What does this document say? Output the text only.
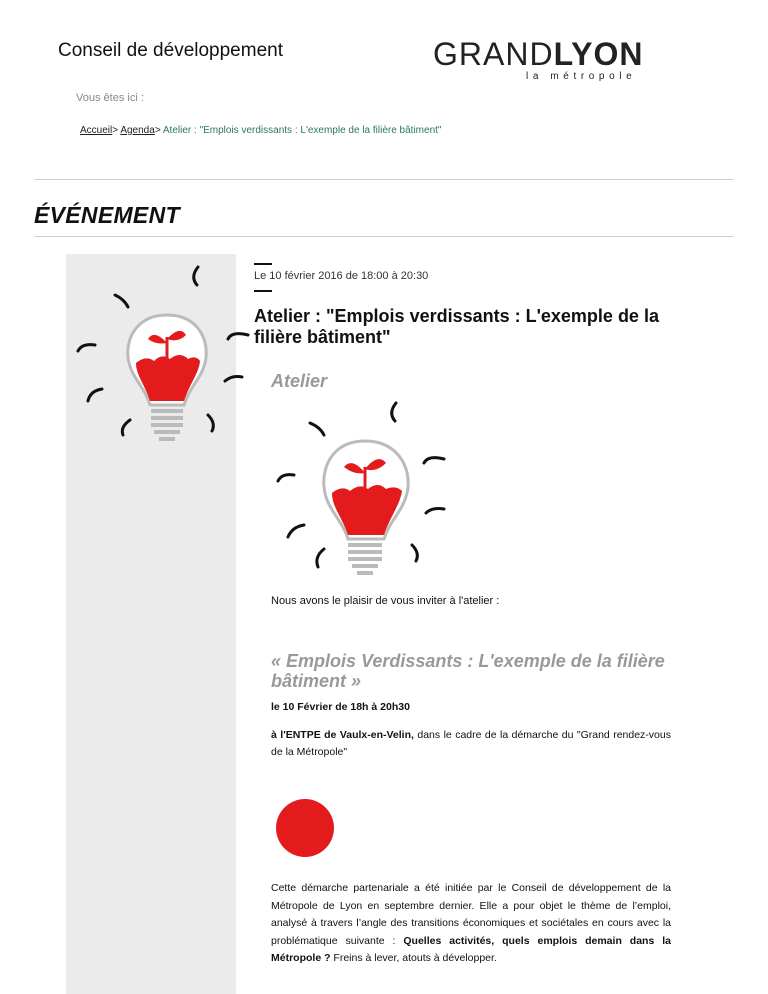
Conseil de développement	GRANDLYON
la métropole
Vous êtes ici :
Accueil> Agenda> Atelier : "Emplois verdissants : L'exemple de la filière bâtiment"
ÉVÉNEMENT
Le 10 février 2016 de 18:00 à 20:30
Atelier : "Emplois verdissants : L'exemple de la filière bâtiment"
Atelier
Nous avons le plaisir de vous inviter à l'atelier :
« Emplois Verdissants : L'exemple de la filière bâtiment »
le 10 Février de 18h à 20h30
à l'ENTPE de Vaulx-en-Velin, dans le cadre de la démarche du "Grand rendez-vous de la Métropole"
Cette démarche partenariale a été initiée par le Conseil de développement de la Métropole de Lyon en septembre dernier. Elle a pour objet le thème de l’emploi, analysé à travers l’angle des transitions économiques et sociétales en cours avec la problématique suivante : Quelles activités, quels emplois demain dans la Métropole ? Freins à lever, atouts à développer.
